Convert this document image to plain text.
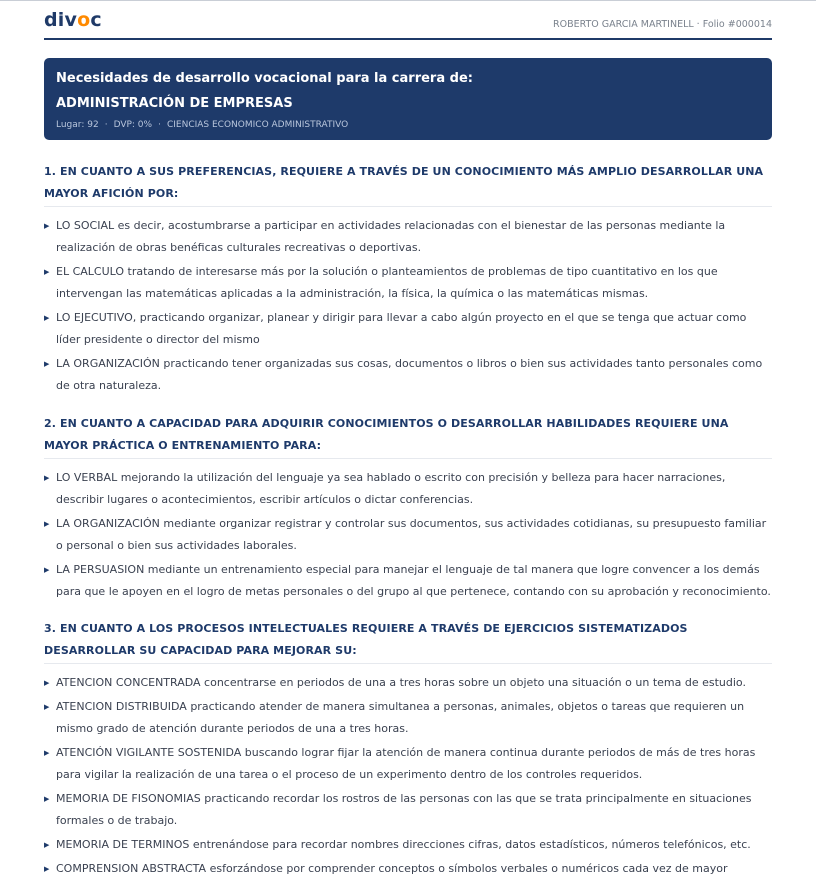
divoc	ROBERTO GARCIA MARTINELL · Folio #000014
Necesidades de desarrollo vocacional para la carrera de:
ADMINISTRACIÓN DE EMPRESAS
Lugar: 92 · DVP: 0% · CIENCIAS ECONOMICO ADMINISTRATIVO
1. EN CUANTO A SUS PREFERENCIAS, REQUIERE A TRAVÉS DE UN CONOCIMIENTO MÁS AMPLIO DESARROLLAR UNA MAYOR AFICIÓN POR:
▶ LO SOCIAL es decir, acostumbrarse a participar en actividades relacionadas con el bienestar de las personas mediante la realización de obras benéficas culturales recreativas o deportivas.
▶ EL CALCULO tratando de interesarse más por la solución o planteamientos de problemas de tipo cuantitativo en los que intervengan las matemáticas aplicadas a la administración, la física, la química o las matemáticas mismas.
▶ LO EJECUTIVO, practicando organizar, planear y dirigir para llevar a cabo algún proyecto en el que se tenga que actuar como líder presidente o director del mismo
▶ LA ORGANIZACIÓN practicando tener organizadas sus cosas, documentos o libros o bien sus actividades tanto personales como de otra naturaleza.
2. EN CUANTO A CAPACIDAD PARA ADQUIRIR CONOCIMIENTOS O DESARROLLAR HABILIDADES REQUIERE UNA MAYOR PRÁCTICA O ENTRENAMIENTO PARA:
▶ LO VERBAL mejorando la utilización del lenguaje ya sea hablado o escrito con precisión y belleza para hacer narraciones, describir lugares o acontecimientos, escribir artículos o dictar conferencias.
▶ LA ORGANIZACIÓN mediante organizar registrar y controlar sus documentos, sus actividades cotidianas, su presupuesto familiar o personal o bien sus actividades laborales.
▶ LA PERSUASION mediante un entrenamiento especial para manejar el lenguaje de tal manera que logre convencer a los demás para que le apoyen en el logro de metas personales o del grupo al que pertenece, contando con su aprobación y reconocimiento.
3. EN CUANTO A LOS PROCESOS INTELECTUALES REQUIERE A TRAVÉS DE EJERCICIOS SISTEMATIZADOS DESARROLLAR SU CAPACIDAD PARA MEJORAR SU:
▶ ATENCION CONCENTRADA concentrarse en periodos de una a tres horas sobre un objeto una situación o un tema de estudio.
▶ ATENCION DISTRIBUIDA practicando atender de manera simultanea a personas, animales, objetos o tareas que requieren un mismo grado de atención durante periodos de una a tres horas.
▶ ATENCIÓN VIGILANTE SOSTENIDA buscando lograr fijar la atención de manera continua durante periodos de más de tres horas para vigilar la realización de una tarea o el proceso de un experimento dentro de los controles requeridos.
▶ MEMORIA DE FISONOMIAS practicando recordar los rostros de las personas con las que se trata principalmente en situaciones formales o de trabajo.
▶ MEMORIA DE TERMINOS entrenándose para recordar nombres direcciones cifras, datos estadísticos, números telefónicos, etc.
▶ COMPRENSION ABSTRACTA esforzándose por comprender conceptos o símbolos verbales o numéricos cada vez de mayor
